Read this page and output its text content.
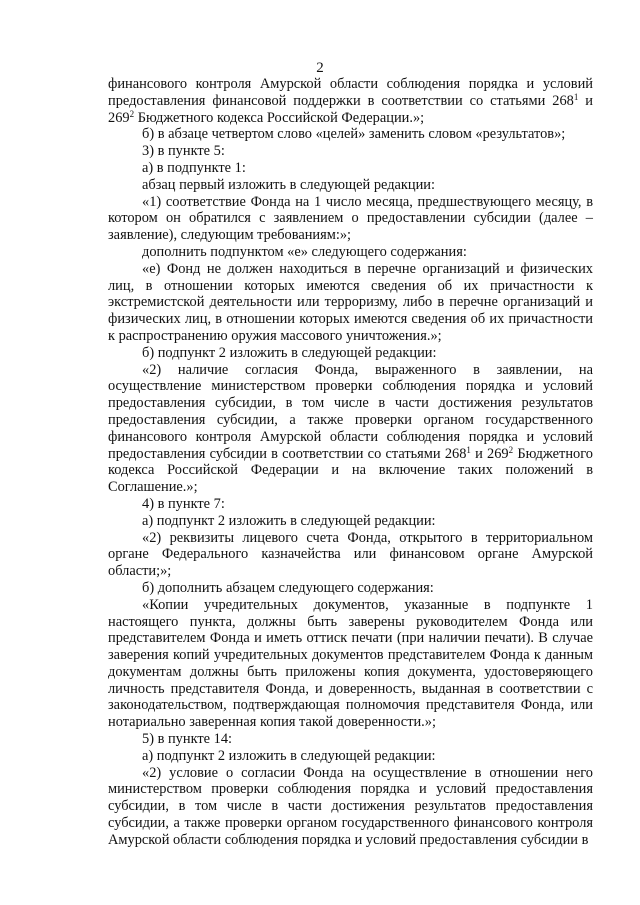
2

финансового контроля Амурской области соблюдения порядка и условий предоставления финансовой поддержки в соответствии со статьями $268^1$ и $269^2$ Бюджетного кодекса Российской Федерации.»;

б) в абзаце четвертом слово «целей» заменить словом «результатов»;

3) в пункте 5:

а) в подпункте 1:

абзац первый изложить в следующей редакции:

«1) соответствие Фонда на 1 число месяца, предшествующего месяцу, в котором он обратился с заявлением о предоставлении субсидии (далее – заявление), следующим требованиям:»;

дополнить подпунктом «е» следующего содержания:

«е) Фонд не должен находиться в перечне организаций и физических лиц, в отношении которых имеются сведения об их причастности к экстремистской деятельности или терроризму, либо в перечне организаций и физических лиц, в отношении которых имеются сведения об их причастности к распространению оружия массового уничтожения.»;

б) подпункт 2 изложить в следующей редакции:

«2) наличие согласия Фонда, выраженного в заявлении, на осуществление министерством проверки соблюдения порядка и условий предоставления субсидии, в том числе в части достижения результатов предоставления субсидии, а также проверки органом государственного финансового контроля Амурской области соблюдения порядка и условий предоставления субсидии в соответствии со статьями $268^1$ и $269^2$ Бюджетного кодекса Российской Федерации и на включение таких положений в Соглашение.»;

4) в пункте 7:

а) подпункт 2 изложить в следующей редакции:

«2) реквизиты лицевого счета Фонда, открытого в территориальном органе Федерального казначейства или финансовом органе Амурской области;»;

б) дополнить абзацем следующего содержания:

«Копии учредительных документов, указанные в подпункте 1 настоящего пункта, должны быть заверены руководителем Фонда или представителем Фонда и иметь оттиск печати (при наличии печати). В случае заверения копий учредительных документов представителем Фонда к данным документам должны быть приложены копия документа, удостоверяющего личность представителя Фонда, и доверенность, выданная в соответствии с законодательством, подтверждающая полномочия представителя Фонда, или нотариально заверенная копия такой доверенности.»;

5) в пункте 14:

а) подпункт 2 изложить в следующей редакции:

«2) условие о согласии Фонда на осуществление в отношении него министерством проверки соблюдения порядка и условий предоставления субсидии, в том числе в части достижения результатов предоставления субсидии, а также проверки органом государственного финансового контроля Амурской области соблюдения порядка и условий предоставления субсидии в
